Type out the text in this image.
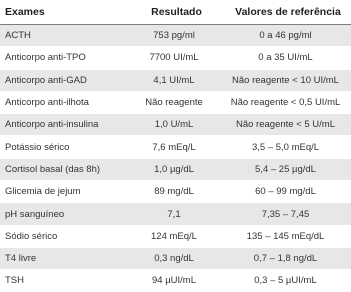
Exames	Resultado	Valores de referência
ACTH	753 pg/ml	0 a 46 pg/ml
Anticorpo anti-TPO	7700 UI/mL	0 a 35 UI/mL
Anticorpo anti-GAD	4,1 UI/mL	Não reagente < 10 UI/mL
Anticorpo anti-ilhota	Não reagente	Não reagente < 0,5 UI/mL
Anticorpo anti-insulina	1,0 U/mL	Não reagente < 5 U/mL
Potássio sérico	7,6 mEq/L	3,5 – 5,0 mEq/L
Cortisol basal (das 8h)	1,0 µg/dL	5,4 – 25 µg/dL
Glicemia de jejum	89 mg/dL	60 – 99 mg/dL
pH sanguíneo	7,1	7,35 – 7,45
Sódio sérico	124 mEq/L	135 – 145 mEq/dL
T4 livre	0,3 ng/dL	0,7 – 1,8 ng/dL
TSH	94 µUI/mL	0,3 – 5 µUI/mL
